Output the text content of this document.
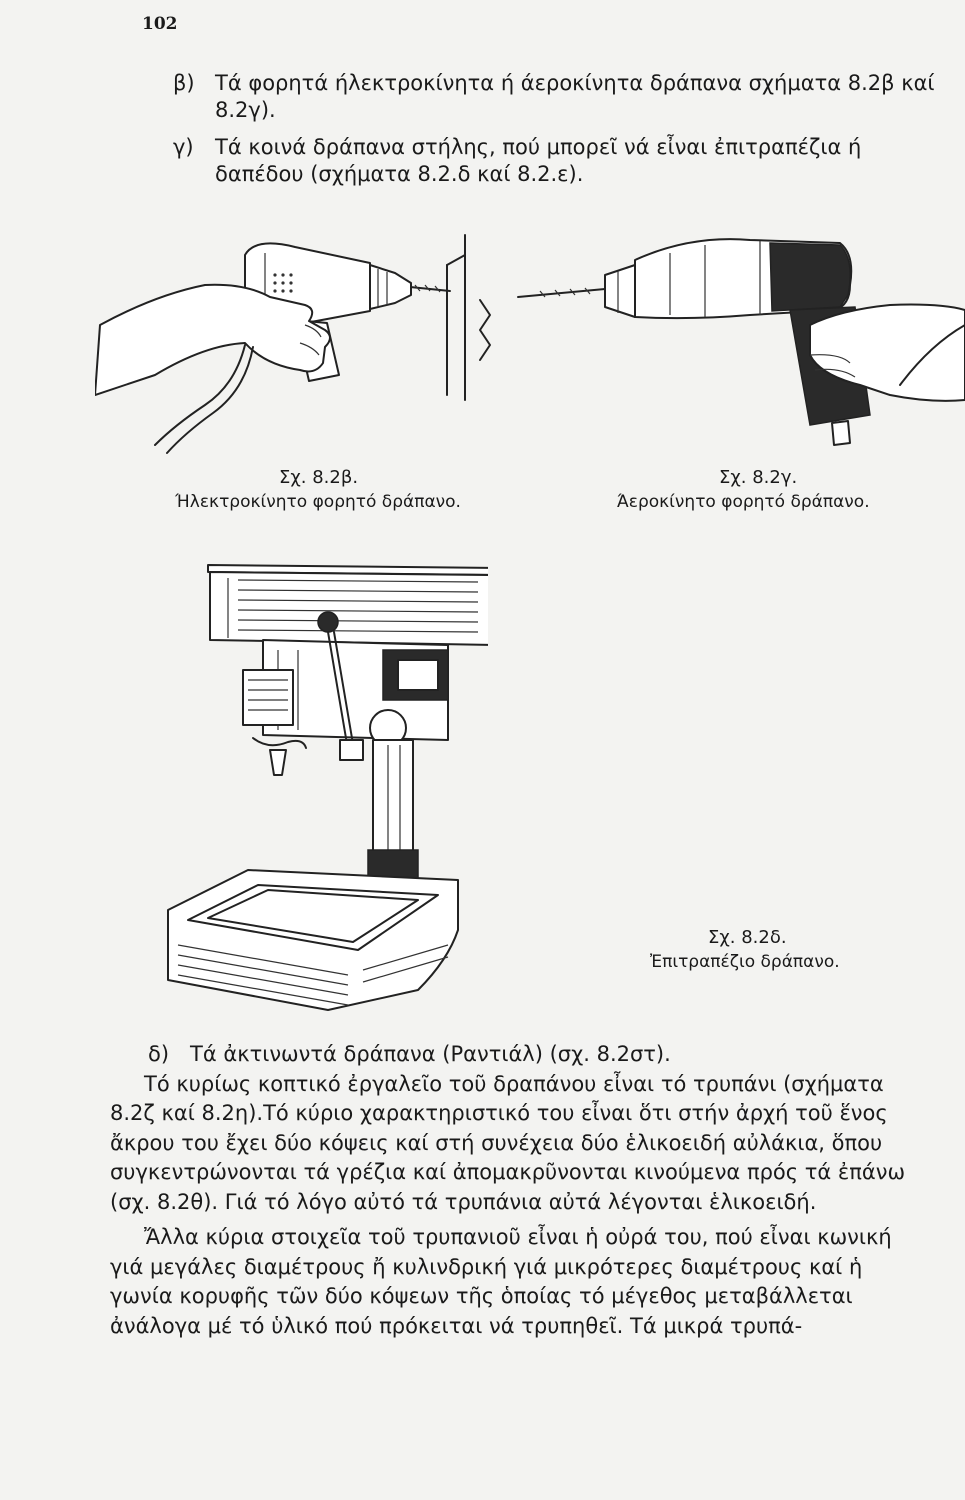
102
β) Τά φορητά ήλεκτροκίνητα ή άεροκίνητα δράπανα σχήματα 8.2β καί 8.2γ).
γ) Τά κοινά δράπανα στήλης, πού μπορεῖ νά εἶναι ἐπιτραπέζια ή δαπέδου (σχήματα 8.2.δ καί 8.2.ε).
Σχ. 8.2β.
Ήλεκτροκίνητο φορητό δράπανο.
Σχ. 8.2γ.
Άεροκίνητο φορητό δράπανο.
Σχ. 8.2δ.
Ἐπιτραπέζιο δράπανο.

δ) Τά ἀκτινωντά δράπανα (Ραντιάλ) (σχ. 8.2στ).

Τό κυρίως κοπτικό ἐργαλεῖο τοῦ δραπάνου εἶναι τό τρυπάνι (σχήματα 8.2ζ καί 8.2η).Τό κύριο χαρακτηριστικό του εἶναι ὅτι στήν ἀρχή τοῦ ἕνος ἄκρου του ἔχει δύο κόψεις καί στή συνέχεια δύο ἑλικοειδή αὐλάκια, ὅπου συγκεντρώνονται τά γρέζια καί ἀπομακρῦνονται κινούμενα πρός τά ἐπάνω (σχ. 8.2θ). Γιά τό λόγο αὐτό τά τρυπάνια αὐτά λέγονται ἑλικοειδή.

Ἄλλα κύρια στοιχεῖα τοῦ τρυπανιοῦ εἶναι ἡ οὐρά του, πού εἶναι κωνική γιά μεγάλες διαμέτρους ἤ κυλινδρική γιά μικρότερες διαμέτρους καί ἡ γωνία κορυφῆς τῶν δύο κόψεων τῆς ὁποίας τό μέγεθος μεταβάλλεται ἀνάλογα μέ τό ὑλικό πού πρόκειται νά τρυπηθεῖ. Τά μικρά τρυπά-
